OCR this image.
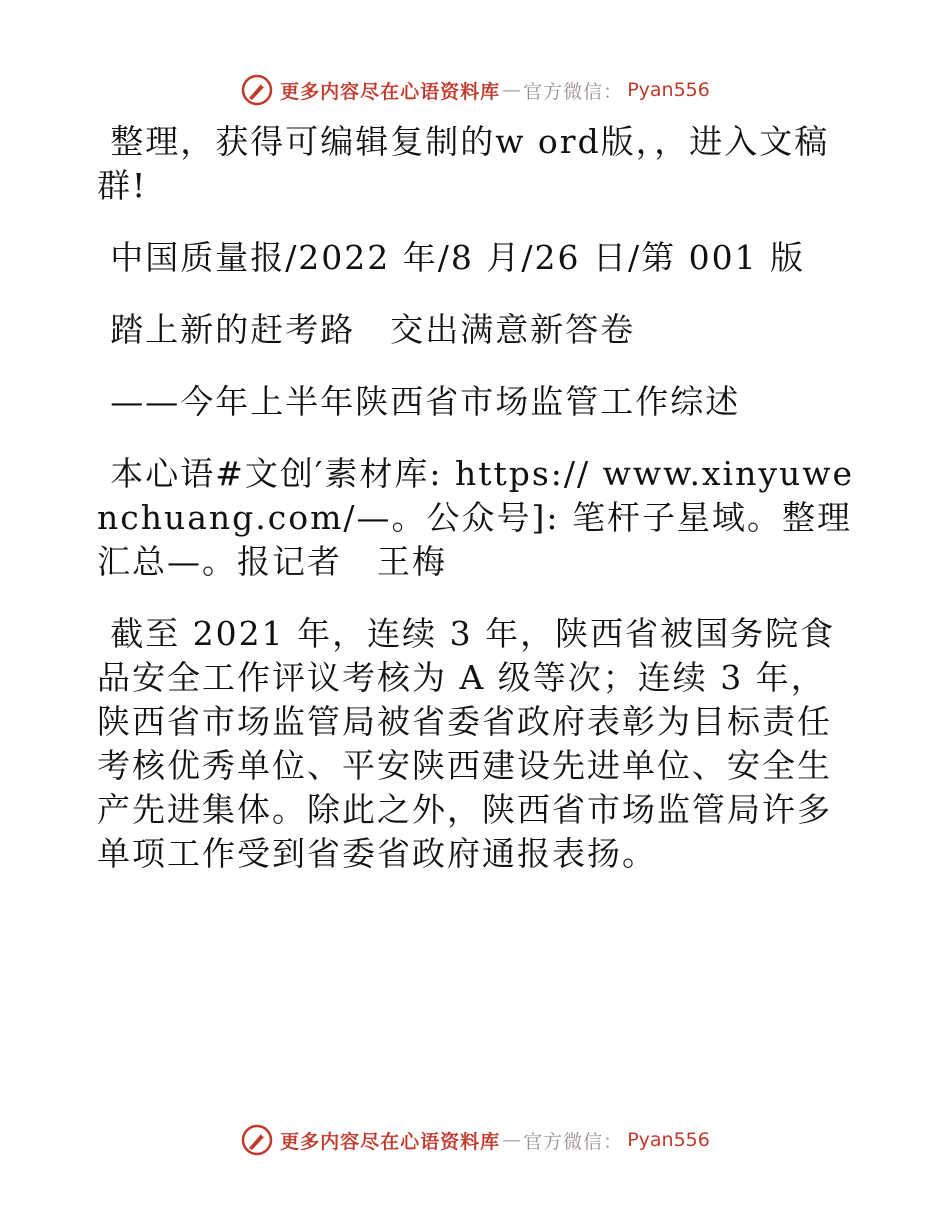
更多内容尽在心语资料库 — 官方微信： Pyan556

整理，获得可编辑复制的w ord版，，进入文稿群!

中国质量报/2022 年/8 月/26 日/第 001 版

踏上新的赶考路　交出满意新答卷

——今年上半年陕西省市场监管工作综述

本心语#文创′素材库: https:// www.xinyuwenchuang.com/—。公众号]: 笔杆子星域。整理汇总—。报记者　王梅

截至 2021 年，连续 3 年，陕西省被国务院食品安全工作评议考核为 A 级等次；连续 3 年，陕西省市场监管局被省委省政府表彰为目标责任考核优秀单位、平安陕西建设先进单位、安全生产先进集体。除此之外，陕西省市场监管局许多单项工作受到省委省政府通报表扬。

更多内容尽在心语资料库 — 官方微信： Pyan556
